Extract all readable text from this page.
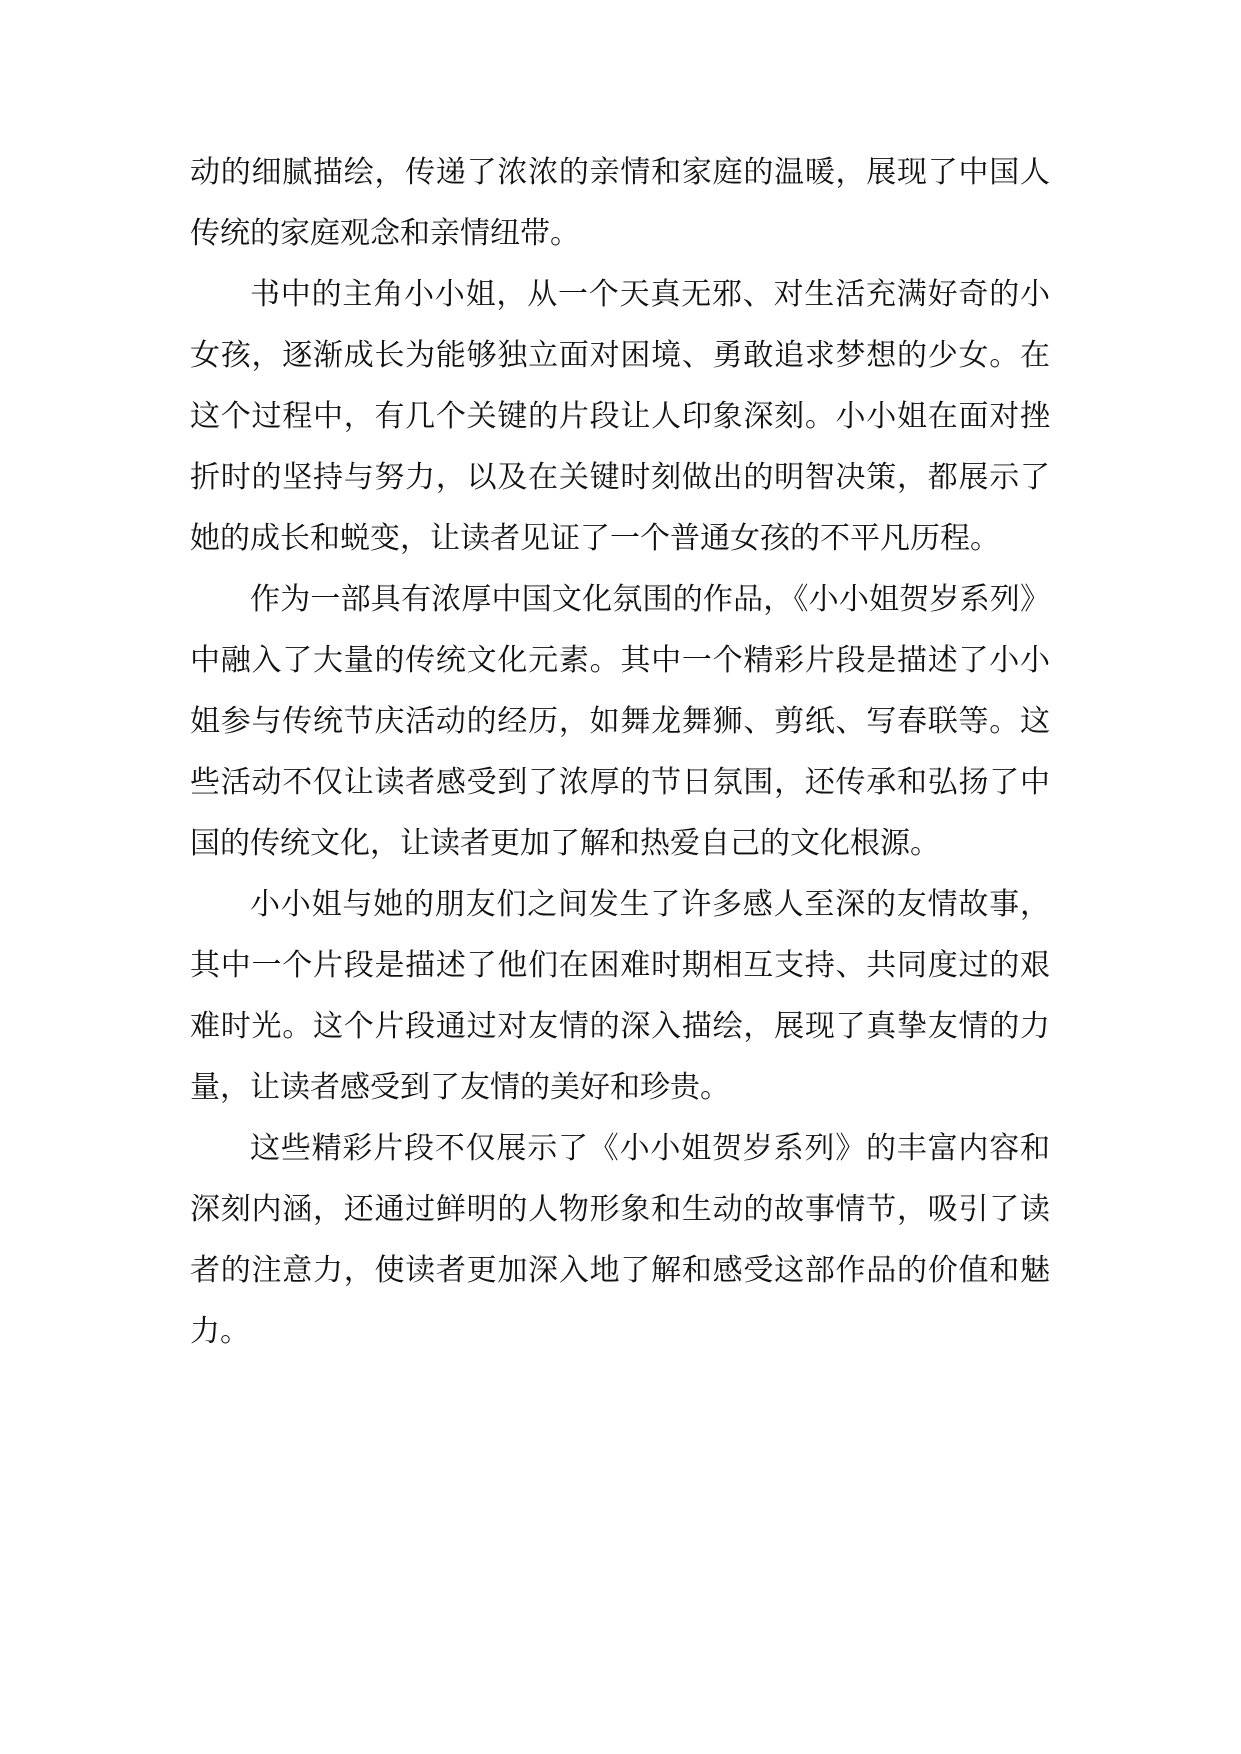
动的细腻描绘，传递了浓浓的亲情和家庭的温暖，展现了中国人传统的家庭观念和亲情纽带。

书中的主角小小姐，从一个天真无邪、对生活充满好奇的小女孩，逐渐成长为能够独立面对困境、勇敢追求梦想的少女。在这个过程中，有几个关键的片段让人印象深刻。小小姐在面对挫折时的坚持与努力，以及在关键时刻做出的明智决策，都展示了她的成长和蜕变，让读者见证了一个普通女孩的不平凡历程。

作为一部具有浓厚中国文化氛围的作品，《小小姐贺岁系列》中融入了大量的传统文化元素。其中一个精彩片段是描述了小小姐参与传统节庆活动的经历，如舞龙舞狮、剪纸、写春联等。这些活动不仅让读者感受到了浓厚的节日氛围，还传承和弘扬了中国的传统文化，让读者更加了解和热爱自己的文化根源。

小小姐与她的朋友们之间发生了许多感人至深的友情故事，其中一个片段是描述了他们在困难时期相互支持、共同度过的艰难时光。这个片段通过对友情的深入描绘，展现了真挚友情的力量，让读者感受到了友情的美好和珍贵。

这些精彩片段不仅展示了《小小姐贺岁系列》的丰富内容和深刻内涵，还通过鲜明的人物形象和生动的故事情节，吸引了读者的注意力，使读者更加深入地了解和感受这部作品的价值和魅力。
